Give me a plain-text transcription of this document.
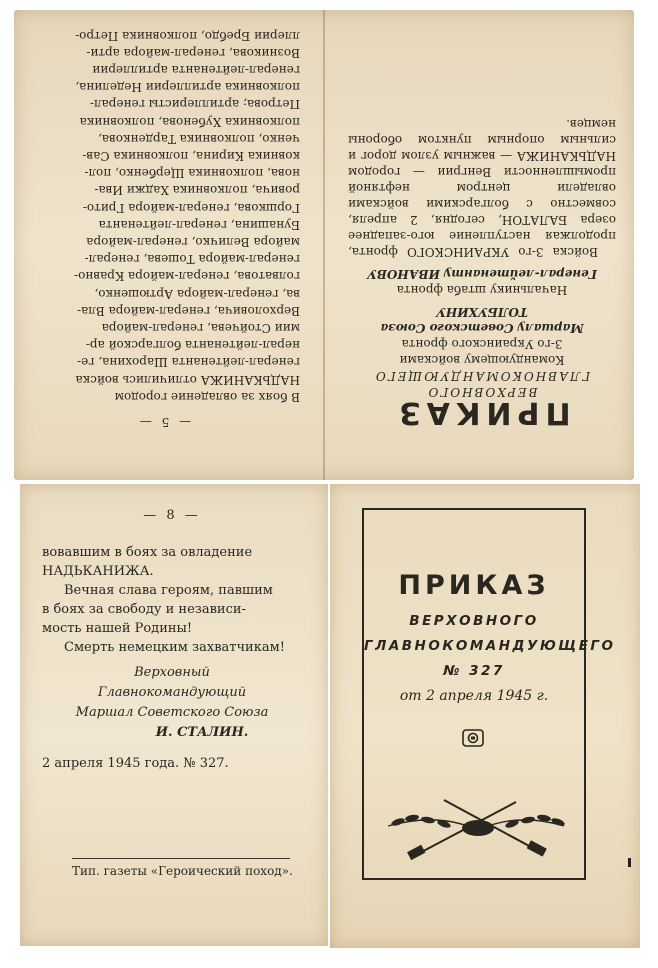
— 5 —
В боях за овладение городом
НАДЬКАНИЖА отличились войска
генерал-лейтенанта Шарохина, ге-
нерал-лейтенанта болгарской ар-
мии Стойчева, генерал-майора
Верхоловича, генерал-майора Вла-
ва, генерал-майора Артюшенко,
голватова, генерал-майора Кравно-
генерал-майора Тошева, генерал-
майора Величко, генерал-майора
Бунашина, генерал-лейтенанта
Горшкова, генерал-майора Грито-
ровича, полковника Хаджи Ива-
нова, полковника Щербенко, пол-
ковника Кирина, полковника Сав-
ченко, полковника Тарденкова,
полковника Хубенова, полковника
Петрова; артиллеристы генерал-
полковника артиллерии Неделина,
генерал-лейтенанта артиллерии
Возникова, генерал-майора арти-
ллерии Бребдо, полковника Петро-
ПРИКАЗ
ВЕРХОВНОГО
ГЛАВНОКОМАНДУЮЩЕГО
Командующему войсками
3-го Украинского фронта
Маршалу Советского Союза
ТОЛБУХИНУ
Начальнику штаба фронта
Генерал-лейтенанту ИВАНОВУ
Войска 3-го УКРАИНСКОГО фронта, продолжая наступление юго-западнее озера БАЛАТОН, сегодня, 2 апреля, совместно с болгарскими войсками овладели центром нефтяной промышленности Венгрии — городом НАДЬКАНИЖА — важным узлом дорог и сильным опорным пунктом обороны немцев.
— 8 —

вовавшим в боях за овладение

НАДЬКАНИЖА.

Вечная слава героям, павшим

в боях за свободу и независи-

мость нашей Родины!

Смерть немецким захватчикам!

Верховный
Главнокомандующий
Маршал Советского Союза
И. СТАЛИН.

2 апреля 1945 года. № 327.

Тип. газеты «Героический поход».
ПРИКАЗ
ВЕРХОВНОГО
ГЛАВНОКОМАНДУЮЩЕГО
№ 327
от 2 апреля 1945 г.
